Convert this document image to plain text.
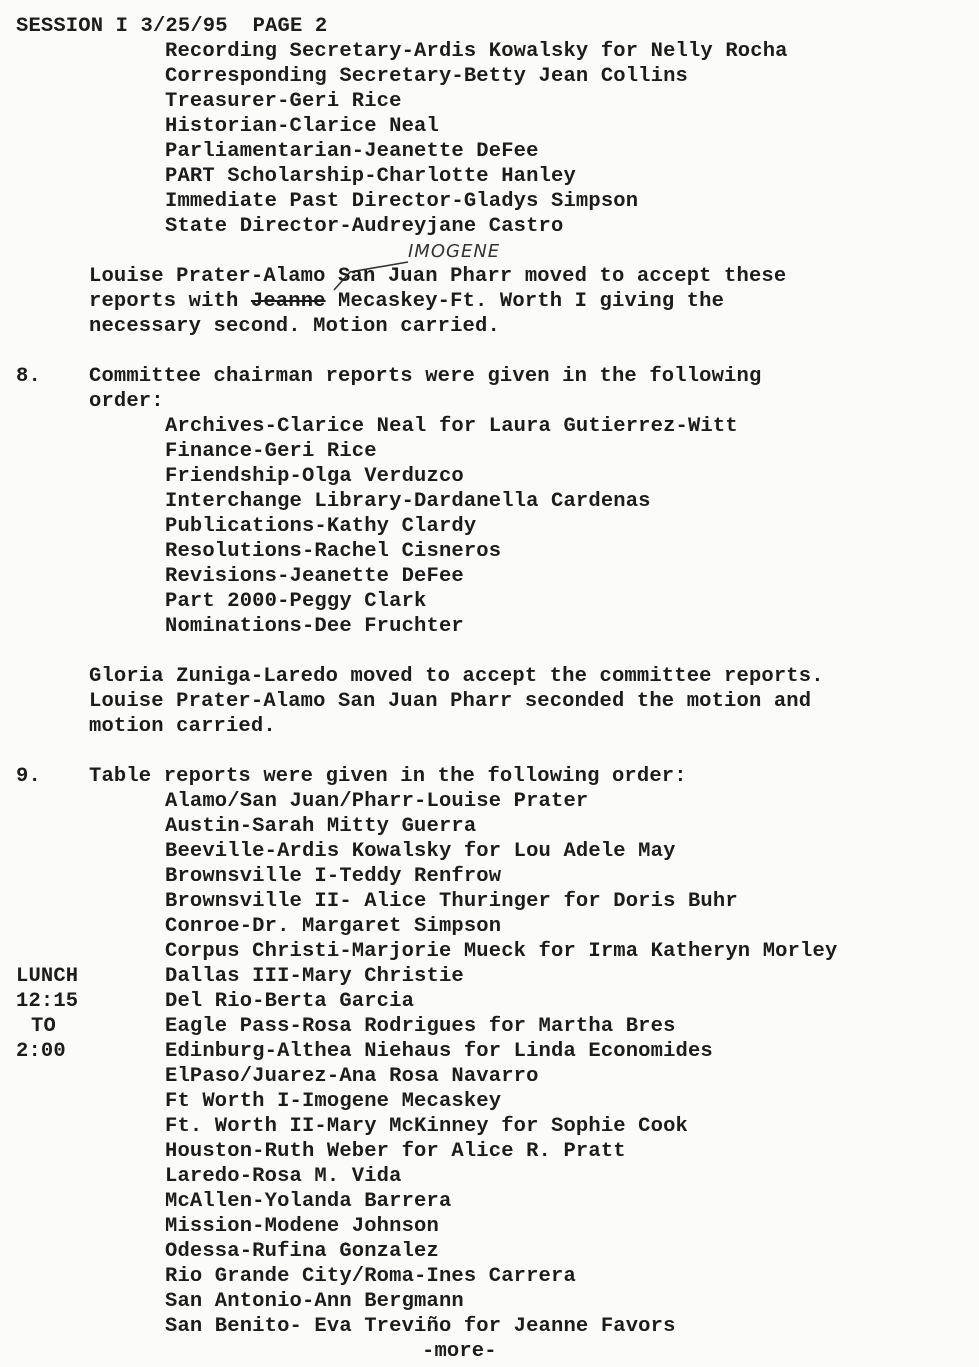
SESSION I 3/25/95  PAGE 2
Recording Secretary-Ardis Kowalsky for Nelly Rocha
Corresponding Secretary-Betty Jean Collins
Treasurer-Geri Rice
Historian-Clarice Neal
Parliamentarian-Jeanette DeFee
PART Scholarship-Charlotte Hanley
Immediate Past Director-Gladys Simpson
State Director-Audreyjane Castro
IMOGENE
Louise Prater-Alamo San Juan Pharr moved to accept these
reports with Jeanne Mecaskey-Ft. Worth I giving the
necessary second. Motion carried.
8. Committee chairman reports were given in the following
order:
Archives-Clarice Neal for Laura Gutierrez-Witt
Finance-Geri Rice
Friendship-Olga Verduzco
Interchange Library-Dardanella Cardenas
Publications-Kathy Clardy
Resolutions-Rachel Cisneros
Revisions-Jeanette DeFee
Part 2000-Peggy Clark
Nominations-Dee Fruchter
Gloria Zuniga-Laredo moved to accept the committee reports.
Louise Prater-Alamo San Juan Pharr seconded the motion and
motion carried.
9. Table reports were given in the following order:
Alamo/San Juan/Pharr-Louise Prater
Austin-Sarah Mitty Guerra
Beeville-Ardis Kowalsky for Lou Adele May
Brownsville I-Teddy Renfrow
Brownsville II- Alice Thuringer for Doris Buhr
Conroe-Dr. Margaret Simpson
Corpus Christi-Marjorie Mueck for Irma Katheryn Morley
Dallas III-Mary Christie
Del Rio-Berta Garcia
Eagle Pass-Rosa Rodrigues for Martha Bres
Edinburg-Althea Niehaus for Linda Economides
ElPaso/Juarez-Ana Rosa Navarro
Ft Worth I-Imogene Mecaskey
Ft. Worth II-Mary McKinney for Sophie Cook
Houston-Ruth Weber for Alice R. Pratt
Laredo-Rosa M. Vida
McAllen-Yolanda Barrera
Mission-Modene Johnson
Odessa-Rufina Gonzalez
Rio Grande City/Roma-Ines Carrera
San Antonio-Ann Bergmann
San Benito- Eva Treviño for Jeanne Favors
LUNCH
12:15
TO
2:00
-more-
